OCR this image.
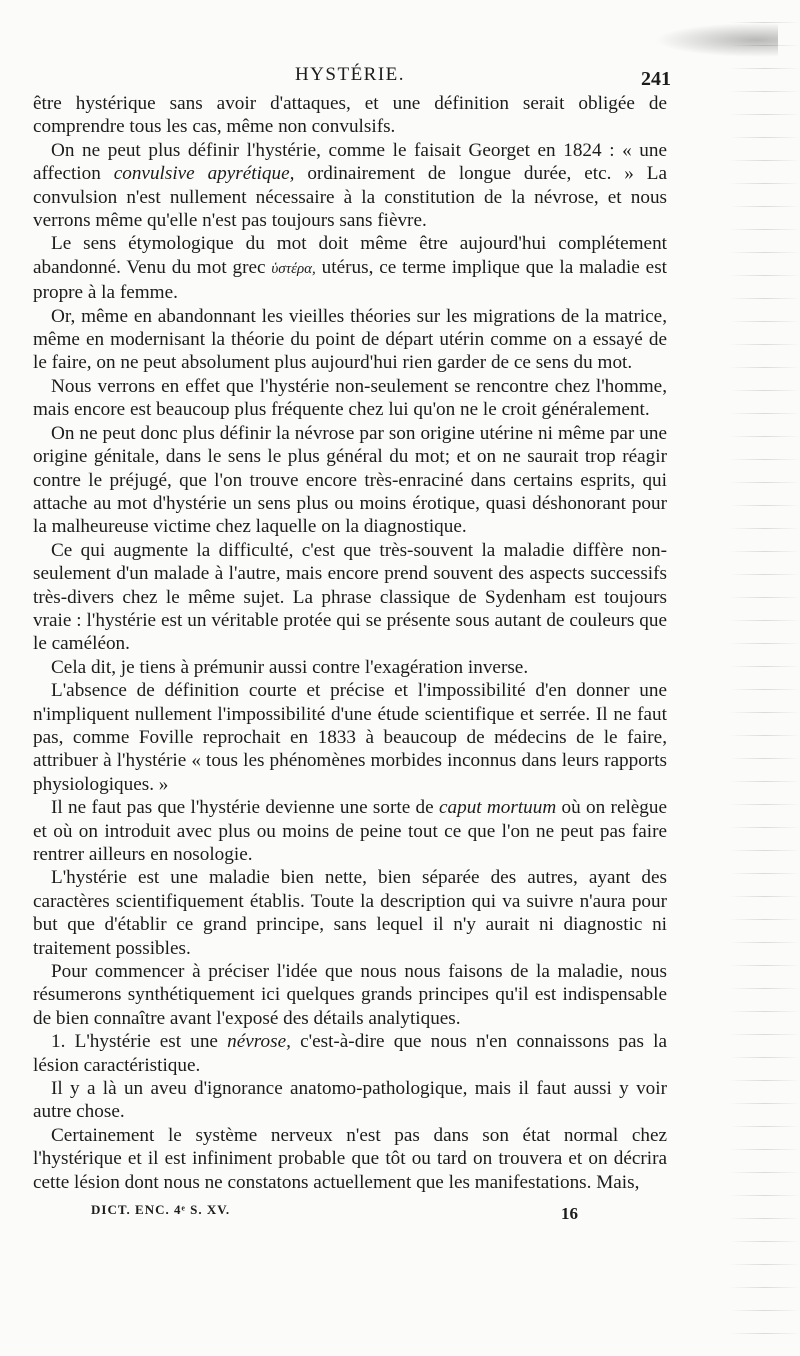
HYSTÉRIE.	241

être hystérique sans avoir d'attaques, et une définition serait obligée de comprendre tous les cas, même non convulsifs.

On ne peut plus définir l'hystérie, comme le faisait Georget en 1824 : « une affection convulsive apyrétique, ordinairement de longue durée, etc. » La convulsion n'est nullement nécessaire à la constitution de la névrose, et nous verrons même qu'elle n'est pas toujours sans fièvre.

Le sens étymologique du mot doit même être aujourd'hui complétement abandonné. Venu du mot grec ὑστέρα, utérus, ce terme implique que la maladie est propre à la femme.

Or, même en abandonnant les vieilles théories sur les migrations de la matrice, même en modernisant la théorie du point de départ utérin comme on a essayé de le faire, on ne peut absolument plus aujourd'hui rien garder de ce sens du mot.

Nous verrons en effet que l'hystérie non-seulement se rencontre chez l'homme, mais encore est beaucoup plus fréquente chez lui qu'on ne le croit généralement.

On ne peut donc plus définir la névrose par son origine utérine ni même par une origine génitale, dans le sens le plus général du mot; et on ne saurait trop réagir contre le préjugé, que l'on trouve encore très-enraciné dans certains esprits, qui attache au mot d'hystérie un sens plus ou moins érotique, quasi déshonorant pour la malheureuse victime chez laquelle on la diagnostique.

Ce qui augmente la difficulté, c'est que très-souvent la maladie diffère non-seulement d'un malade à l'autre, mais encore prend souvent des aspects successifs très-divers chez le même sujet. La phrase classique de Sydenham est toujours vraie : l'hystérie est un véritable protée qui se présente sous autant de couleurs que le caméléon.

Cela dit, je tiens à prémunir aussi contre l'exagération inverse.

L'absence de définition courte et précise et l'impossibilité d'en donner une n'impliquent nullement l'impossibilité d'une étude scientifique et serrée. Il ne faut pas, comme Foville reprochait en 1833 à beaucoup de médecins de le faire, attribuer à l'hystérie « tous les phénomènes morbides inconnus dans leurs rapports physiologiques. »

Il ne faut pas que l'hystérie devienne une sorte de caput mortuum où on relègue et où on introduit avec plus ou moins de peine tout ce que l'on ne peut pas faire rentrer ailleurs en nosologie.

L'hystérie est une maladie bien nette, bien séparée des autres, ayant des caractères scientifiquement établis. Toute la description qui va suivre n'aura pour but que d'établir ce grand principe, sans lequel il n'y aurait ni diagnostic ni traitement possibles.

Pour commencer à préciser l'idée que nous nous faisons de la maladie, nous résumerons synthétiquement ici quelques grands principes qu'il est indispensable de bien connaître avant l'exposé des détails analytiques.

1. L'hystérie est une névrose, c'est-à-dire que nous n'en connaissons pas la lésion caractéristique.

Il y a là un aveu d'ignorance anatomo-pathologique, mais il faut aussi y voir autre chose.

Certainement le système nerveux n'est pas dans son état normal chez l'hystérique et il est infiniment probable que tôt ou tard on trouvera et on décrira cette lésion dont nous ne constatons actuellement que les manifestations. Mais,

DICT. ENC. 4ᵉ S. XV.	16
